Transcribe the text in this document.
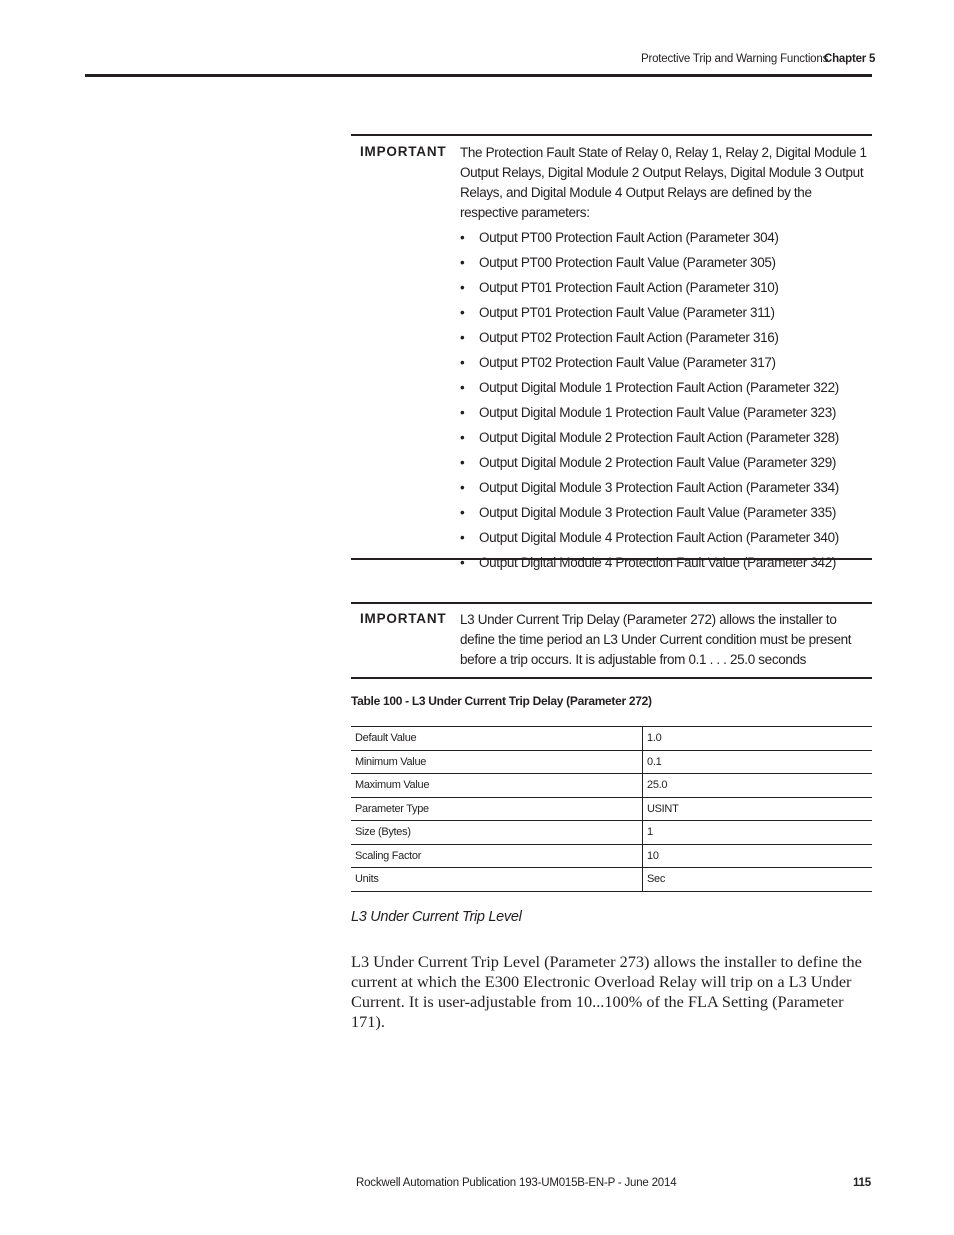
Protective Trip and Warning Functions
Chapter 5
IMPORTANT The Protection Fault State of Relay 0, Relay 1, Relay 2, Digital Module 1 Output Relays, Digital Module 2 Output Relays, Digital Module 3 Output Relays, and Digital Module 4 Output Relays are defined by the respective parameters:
• Output PT00 Protection Fault Action (Parameter 304)
• Output PT00 Protection Fault Value (Parameter 305)
• Output PT01 Protection Fault Action (Parameter 310)
• Output PT01 Protection Fault Value (Parameter 311)
• Output PT02 Protection Fault Action (Parameter 316)
• Output PT02 Protection Fault Value (Parameter 317)
• Output Digital Module 1 Protection Fault Action (Parameter 322)
• Output Digital Module 1 Protection Fault Value (Parameter 323)
• Output Digital Module 2 Protection Fault Action (Parameter 328)
• Output Digital Module 2 Protection Fault Value (Parameter 329)
• Output Digital Module 3 Protection Fault Action (Parameter 334)
• Output Digital Module 3 Protection Fault Value (Parameter 335)
• Output Digital Module 4 Protection Fault Action (Parameter 340)
• Output Digital Module 4 Protection Fault Value (Parameter 342)
IMPORTANT L3 Under Current Trip Delay (Parameter 272) allows the installer to define the time period an L3 Under Current condition must be present before a trip occurs. It is adjustable from 0.1 . . . 25.0 seconds
Table 100 - L3 Under Current Trip Delay (Parameter 272)
Default Value	1.0
Minimum Value	0.1
Maximum Value	25.0
Parameter Type	USINT
Size (Bytes)	1
Scaling Factor	10
Units	Sec
L3 Under Current Trip Level
L3 Under Current Trip Level (Parameter 273) allows the installer to define the current at which the E300 Electronic Overload Relay will trip on a L3 Under Current. It is user-adjustable from 10...100% of the FLA Setting (Parameter 171).
Rockwell Automation Publication 193-UM015B-EN-P - June 2014	115
